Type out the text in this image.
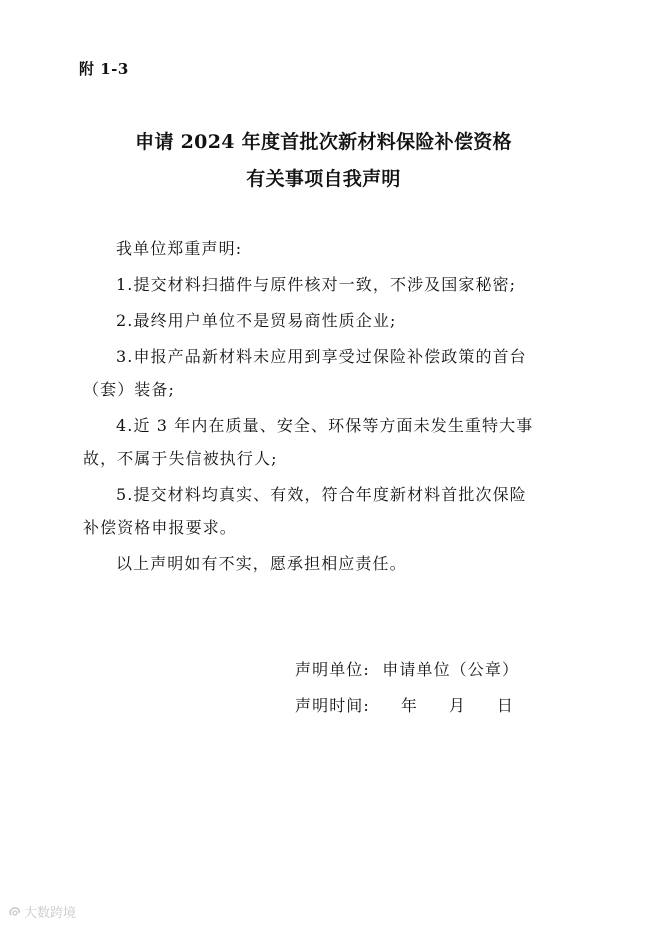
附 1-3
申请 2024 年度首批次新材料保险补偿资格
有关事项自我声明
我单位郑重声明:
1.提交材料扫描件与原件核对一致，不涉及国家秘密;
2.最终用户单位不是贸易商性质企业;
3.申报产品新材料未应用到享受过保险补偿政策的首台
（套）装备;
4.近 3 年内在质量、安全、环保等方面未发生重特大事
故，不属于失信被执行人;
5.提交材料均真实、有效，符合年度新材料首批次保险
补偿资格申报要求。
以上声明如有不实，愿承担相应责任。
声明单位:  申请单位（公章）
声明时间:     年     月     日
大数跨境
